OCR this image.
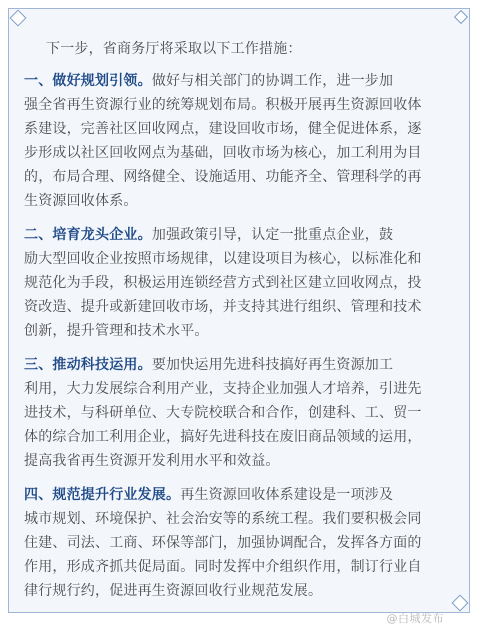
下一步，省商务厅将采取以下工作措施：

一、做好规划引领。做好与相关部门的协调工作，进一步加

强全省再生资源行业的统筹规划布局。积极开展再生资源回收体

系建设，完善社区回收网点，建设回收市场，健全促进体系，逐

步形成以社区回收网点为基础，回收市场为核心，加工利用为目

的，布局合理、网络健全、设施适用、功能齐全、管理科学的再

生资源回收体系。

二、培育龙头企业。加强政策引导，认定一批重点企业，鼓

励大型回收企业按照市场规律，以建设项目为核心，以标准化和

规范化为手段，积极运用连锁经营方式到社区建立回收网点，投

资改造、提升或新建回收市场，并支持其进行组织、管理和技术

创新，提升管理和技术水平。

三、推动科技运用。要加快运用先进科技搞好再生资源加工

利用，大力发展综合利用产业，支持企业加强人才培养，引进先

进技术，与科研单位、大专院校联合和合作，创建科、工、贸一

体的综合加工利用企业，搞好先进科技在废旧商品领域的运用，

提高我省再生资源开发利用水平和效益。

四、规范提升行业发展。再生资源回收体系建设是一项涉及

城市规划、环境保护、社会治安等的系统工程。我们要积极会同

住建、司法、工商、环保等部门，加强协调配合，发挥各方面的

作用，形成齐抓共促局面。同时发挥中介组织作用，制订行业自

律行规行约，促进再生资源回收行业规范发展。

@白城发布
